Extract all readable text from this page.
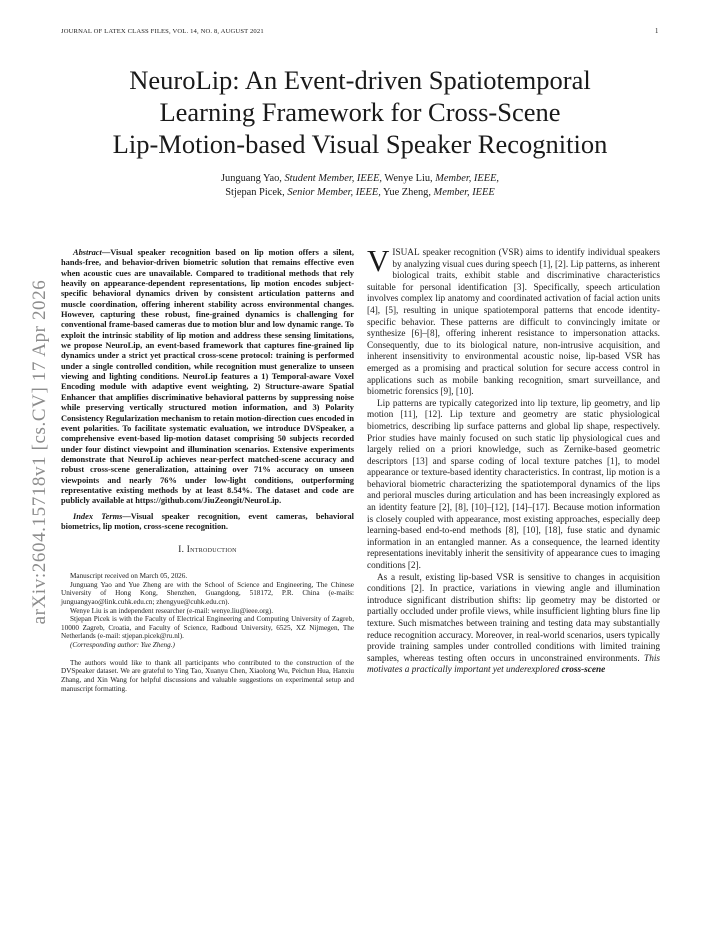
JOURNAL OF LATEX CLASS FILES, VOL. 14, NO. 8, AUGUST 2021	1
NeuroLip: An Event-driven Spatiotemporal
Learning Framework for Cross-Scene
Lip-Motion-based Visual Speaker Recognition
Junguang Yao, Student Member, IEEE, Wenye Liu, Member, IEEE,
Stjepan Picek, Senior Member, IEEE, Yue Zheng, Member, IEEE
arXiv:2604.15718v1 [cs.CV] 17 Apr 2026

Abstract—Visual speaker recognition based on lip motion offers a silent, hands-free, and behavior-driven biometric solution that remains effective even when acoustic cues are unavailable. Compared to traditional methods that rely heavily on appearance-dependent representations, lip motion encodes subject-specific behavioral dynamics driven by consistent articulation patterns and muscle coordination, offering inherent stability across environmental changes. However, capturing these robust, fine-grained dynamics is challenging for conventional frame-based cameras due to motion blur and low dynamic range. To exploit the intrinsic stability of lip motion and address these sensing limitations, we propose NeuroLip, an event-based framework that captures fine-grained lip dynamics under a strict yet practical cross-scene protocol: training is performed under a single controlled condition, while recognition must generalize to unseen viewing and lighting conditions. NeuroLip features a 1) Temporal-aware Voxel Encoding module with adaptive event weighting, 2) Structure-aware Spatial Enhancer that amplifies discriminative behavioral patterns by suppressing noise while preserving vertically structured motion information, and 3) Polarity Consistency Regularization mechanism to retain motion-direction cues encoded in event polarities. To facilitate systematic evaluation, we introduce DVSpeaker, a comprehensive event-based lip-motion dataset comprising 50 subjects recorded under four distinct viewpoint and illumination scenarios. Extensive experiments demonstrate that NeuroLip achieves near-perfect matched-scene accuracy and robust cross-scene generalization, attaining over 71% accuracy on unseen viewpoints and nearly 76% under low-light conditions, outperforming representative existing methods by at least 8.54%. The dataset and code are publicly available at https://github.com/JiuZeongit/NeuroLip.

Index Terms—Visual speaker recognition, event cameras, behavioral biometrics, lip motion, cross-scene recognition.

I. Introduction

Manuscript received on March 05, 2026.

Junguang Yao and Yue Zheng are with the School of Science and Engineering, The Chinese University of Hong Kong, Shenzhen, Guangdong, 518172, P.R. China (e-mails: junguangyao@link.cuhk.edu.cn; zhengyue@cuhk.edu.cn).

Wenye Liu is an independent researcher (e-mail: wenye.liu@ieee.org).

Stjepan Picek is with the Faculty of Electrical Engineering and Computing University of Zagreb, 10000 Zagreb, Croatia, and Faculty of Science, Radboud University, 6525, XZ Nijmegen, The Netherlands (e-mail: stjepan.picek@ru.nl).

(Corresponding author: Yue Zheng.)

The authors would like to thank all participants who contributed to the construction of the DVSpeaker dataset. We are grateful to Ying Tao, Xuanyu Chen, Xiaolong Wu, Peichun Hua, Hanxiu Zhang, and Xin Wang for helpful discussions and valuable suggestions on experimental setup and manuscript formatting.

VISUAL speaker recognition (VSR) aims to identify individual speakers by analyzing visual cues during speech [1], [2]. Lip patterns, as inherent biological traits, exhibit stable and discriminative characteristics suitable for personal identification [3]. Specifically, speech articulation involves complex lip anatomy and coordinated activation of facial action units [4], [5], resulting in unique spatiotemporal patterns that encode identity-specific behavior. These patterns are difficult to convincingly imitate or synthesize [6]–[8], offering inherent resistance to impersonation attacks. Consequently, due to its biological nature, non-intrusive acquisition, and inherent insensitivity to environmental acoustic noise, lip-based VSR has emerged as a promising and practical solution for secure access control in applications such as mobile banking recognition, smart surveillance, and biometric forensics [9], [10].

Lip patterns are typically categorized into lip texture, lip geometry, and lip motion [11], [12]. Lip texture and geometry are static physiological biometrics, describing lip surface patterns and global lip shape, respectively. Prior studies have mainly focused on such static lip physiological cues and largely relied on a priori knowledge, such as Zernike-based geometric descriptors [13] and sparse coding of local texture patches [1], to model appearance or texture-based identity characteristics. In contrast, lip motion is a behavioral biometric characterizing the spatiotemporal dynamics of the lips and perioral muscles during articulation and has been increasingly explored as an identity feature [2], [8], [10]–[12], [14]–[17]. Because motion information is closely coupled with appearance, most existing approaches, especially deep learning-based end-to-end methods [8], [10], [18], fuse static and dynamic information in an entangled manner. As a consequence, the learned identity representations inevitably inherit the sensitivity of appearance cues to imaging conditions [2].

As a result, existing lip-based VSR is sensitive to changes in acquisition conditions [2]. In practice, variations in viewing angle and illumination introduce significant distribution shifts: lip geometry may be distorted or partially occluded under profile views, while insufficient lighting blurs fine lip texture. Such mismatches between training and testing data may substantially reduce recognition accuracy. Moreover, in real-world scenarios, users typically provide training samples under controlled conditions with limited training samples, whereas testing often occurs in unconstrained environments. This motivates a practically important yet underexplored cross-scene
